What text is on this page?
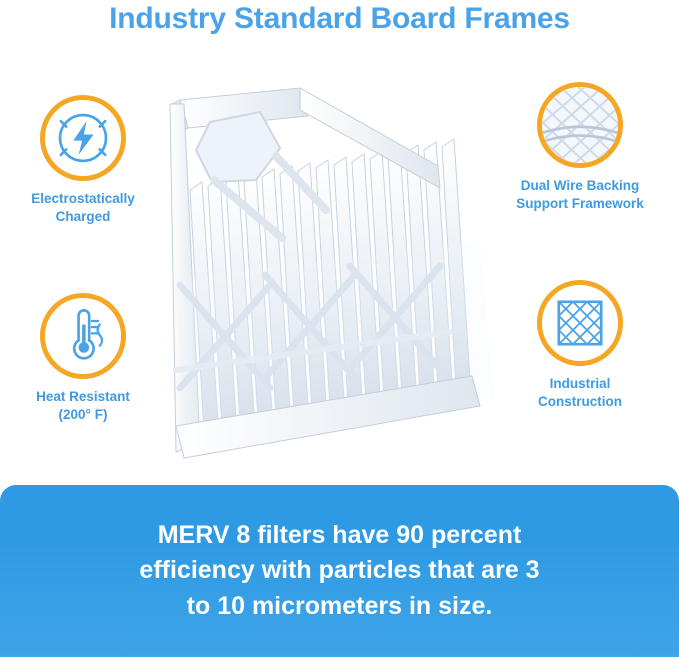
Industry Standard Board Frames
Electrostatically
Charged
Heat Resistant
(200° F)
Dual Wire Backing
Support Framework
Industrial
Construction
MERV 8 filters have 90 percent
efficiency with particles that are 3
to 10 micrometers in size.
